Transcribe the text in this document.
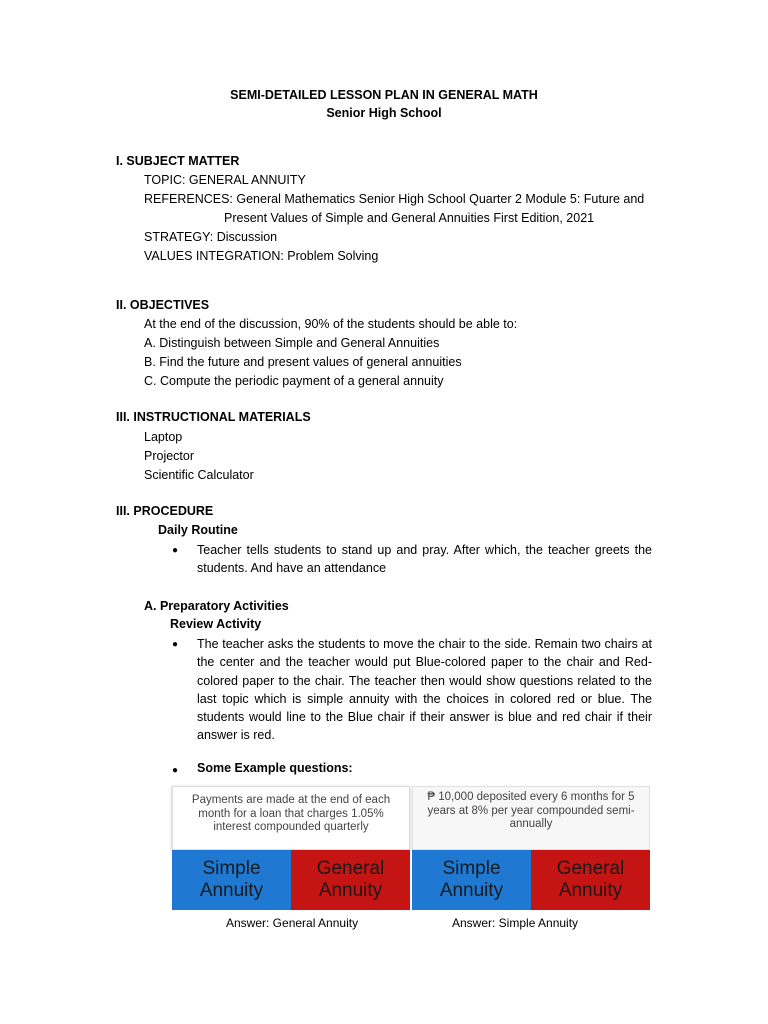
SEMI-DETAILED LESSON PLAN IN GENERAL MATH
Senior High School
I. SUBJECT MATTER
TOPIC: GENERAL ANNUITY
REFERENCES: General Mathematics Senior High School Quarter 2 Module 5: Future and
Present Values of Simple and General Annuities First Edition, 2021
STRATEGY: Discussion
VALUES INTEGRATION: Problem Solving
II. OBJECTIVES
At the end of the discussion, 90% of the students should be able to:
A. Distinguish between Simple and General Annuities
B. Find the future and present values of general annuities
C. Compute the periodic payment of a general annuity
III. INSTRUCTIONAL MATERIALS
Laptop
Projector
Scientific Calculator
III. PROCEDURE
Daily Routine
● Teacher tells students to stand up and pray. After which, the teacher greets the students. And have an attendance
A. Preparatory Activities
Review Activity
● The teacher asks the students to move the chair to the side. Remain two chairs at the center and the teacher would put Blue-colored paper to the chair and Red-colored paper to the chair. The teacher then would show questions related to the last topic which is simple annuity with the choices in colored red or blue. The students would line to the Blue chair if their answer is blue and red chair if their answer is red.
● Some Example questions:
Payments are made at the end of each month for a loan that charges 1.05% interest compounded quarterly
Simple Annuity
General Annuity
₱ 10,000 deposited every 6 months for 5 years at 8% per year compounded semi-annually
Simple Annuity
General Annuity
Answer: General Annuity	Answer: Simple Annuity
